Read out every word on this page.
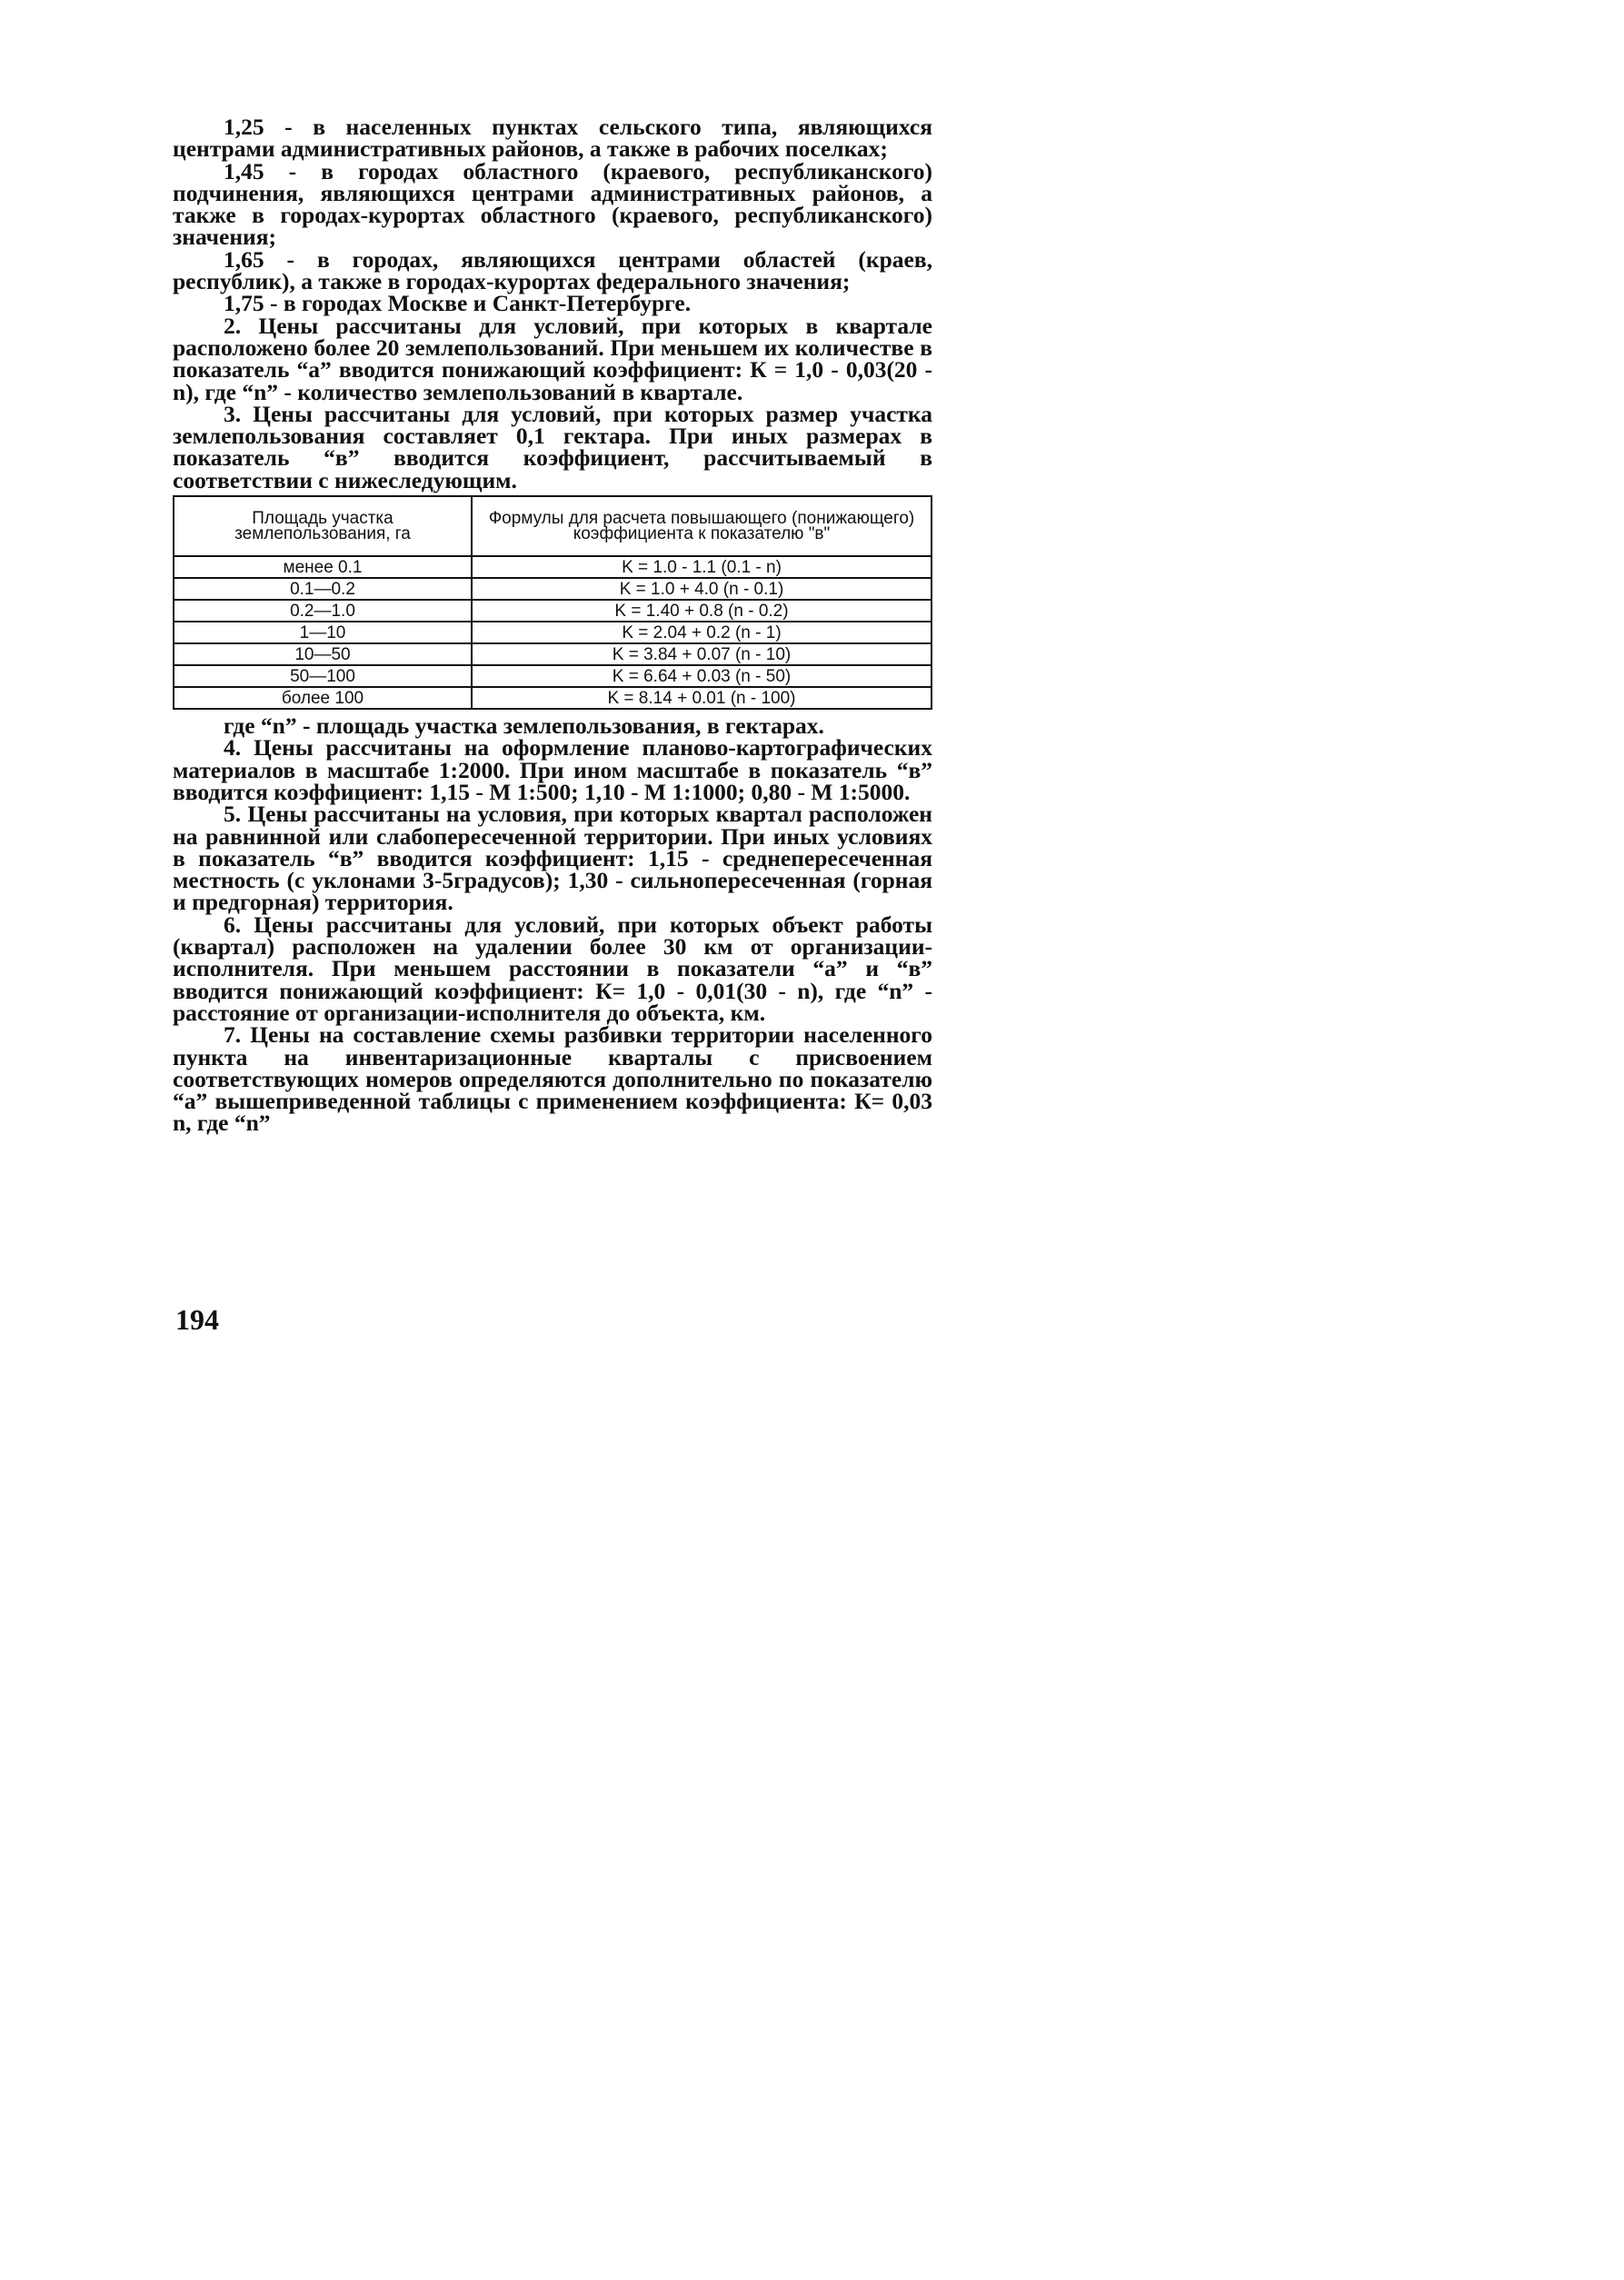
1,25 - в населенных пунктах сельского типа, являющихся центрами административных районов, а также в рабочих поселках;

1,45 - в городах областного (краевого, республиканского) подчинения, являющихся центрами административных районов, а также в городах-курортах областного (краевого, республиканского) значения;

1,65 - в городах, являющихся центрами областей (краев, республик), а также в городах-курортах федерального значения;

1,75 - в городах Москве и Санкт-Петербурге.

2. Цены рассчитаны для условий, при которых в квартале расположено более 20 землепользований. При меньшем их количестве в показатель “а” вводится понижающий коэффициент: К = 1,0 - 0,03(20 - n), где “n” - количество землепользований в квартале.

3. Цены рассчитаны для условий, при которых размер участка землепользования составляет 0,1 гектара. При иных размерах в показатель “в” вводится коэффициент, рассчитываемый в соответствии с нижеследующим.

Площадь участка землепользования, га	Формулы для расчета повышающего (понижающего) коэффициента к показателю "в"
менее 0.1	K = 1.0 - 1.1 (0.1 - n)
0.1—0.2	K = 1.0 + 4.0 (n - 0.1)
0.2—1.0	K = 1.40 + 0.8 (n - 0.2)
1—10	K = 2.04 + 0.2 (n - 1)
10—50	K = 3.84 + 0.07 (n - 10)
50—100	K = 6.64 + 0.03 (n - 50)
более 100	K = 8.14 + 0.01 (n - 100)

где “n” - площадь участка землепользования, в гектарах.

4. Цены рассчитаны на оформление планово-картографических материалов в масштабе 1:2000. При ином масштабе в показатель “в” вводится коэффициент: 1,15 - М 1:500; 1,10 - М 1:1000; 0,80 - М 1:5000.

5. Цены рассчитаны на условия, при которых квартал расположен на равнинной или слабопересеченной территории. При иных условиях в показатель “в” вводится коэффициент: 1,15 - среднепересеченная местность (с уклонами 3-5градусов); 1,30 - сильнопересеченная (горная и предгорная) территория.

6. Цены рассчитаны для условий, при которых объект работы (квартал) расположен на удалении более 30 км от организации-исполнителя. При меньшем расстоянии в показатели “а” и “в” вводится понижающий коэффициент: К= 1,0 - 0,01(30 - n), где “n” - расстояние от организации-исполнителя до объекта, км.

7. Цены на составление схемы разбивки территории населенного пункта на инвентаризационные кварталы с присвоением соответствующих номеров определяются дополнительно по показателю “а” вышеприведенной таблицы с применением коэффициента: К= 0,03 n, где “n”

194
